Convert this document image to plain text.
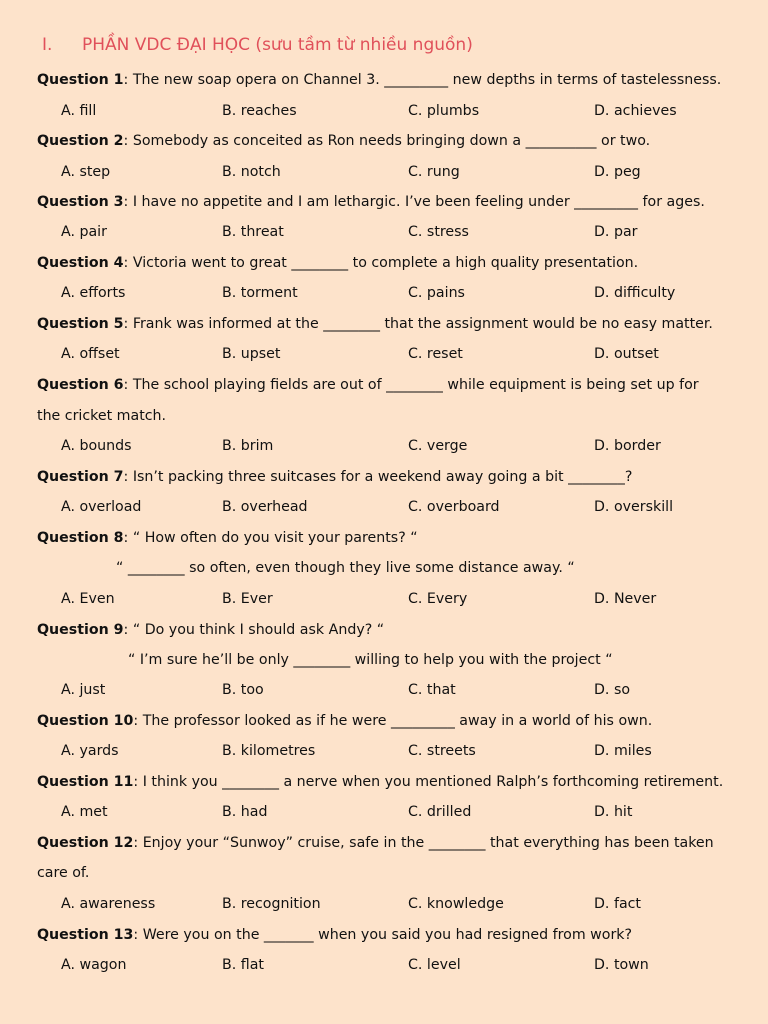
I. PHẦN VDC ĐẠI HỌC (sưu tầm từ nhiều nguồn)
Question 1: The new soap opera on Channel 3. _________ new depths in terms of tastelessness.
A. fill	B. reaches	C. plumbs	D. achieves
Question 2: Somebody as conceited as Ron needs bringing down a __________ or two.
A. step	B. notch	C. rung	D. peg
Question 3: I have no appetite and I am lethargic. I’ve been feeling under _________ for ages.
A. pair	B. threat	C. stress	D. par
Question 4: Victoria went to great ________ to complete a high quality presentation.
A. efforts	B. torment	C. pains	D. difficulty
Question 5: Frank was informed at the ________ that the assignment would be no easy matter.
A. offset	B. upset	C. reset	D. outset
Question 6: The school playing fields are out of ________ while equipment is being set up for
the cricket match.
A. bounds	B. brim	C. verge	D. border
Question 7: Isn’t packing three suitcases for a weekend away going a bit ________?
A. overload	B. overhead	C. overboard	D. overskill
Question 8: “ How often do you visit your parents? “
“ ________ so often, even though they live some distance away. “
A. Even	B. Ever	C. Every	D. Never
Question 9: “ Do you think I should ask Andy? “
“ I’m sure he’ll be only ________ willing to help you with the project “
A. just	B. too	C. that	D. so
Question 10: The professor looked as if he were _________ away in a world of his own.
A. yards	B. kilometres	C. streets	D. miles
Question 11: I think you ________ a nerve when you mentioned Ralph’s forthcoming retirement.
A. met	B. had	C. drilled	D. hit
Question 12: Enjoy your “Sunwoy” cruise, safe in the ________ that everything has been taken
care of.
A. awareness	B. recognition	C. knowledge	D. fact
Question 13: Were you on the _______ when you said you had resigned from work?
A. wagon	B. flat	C. level	D. town
